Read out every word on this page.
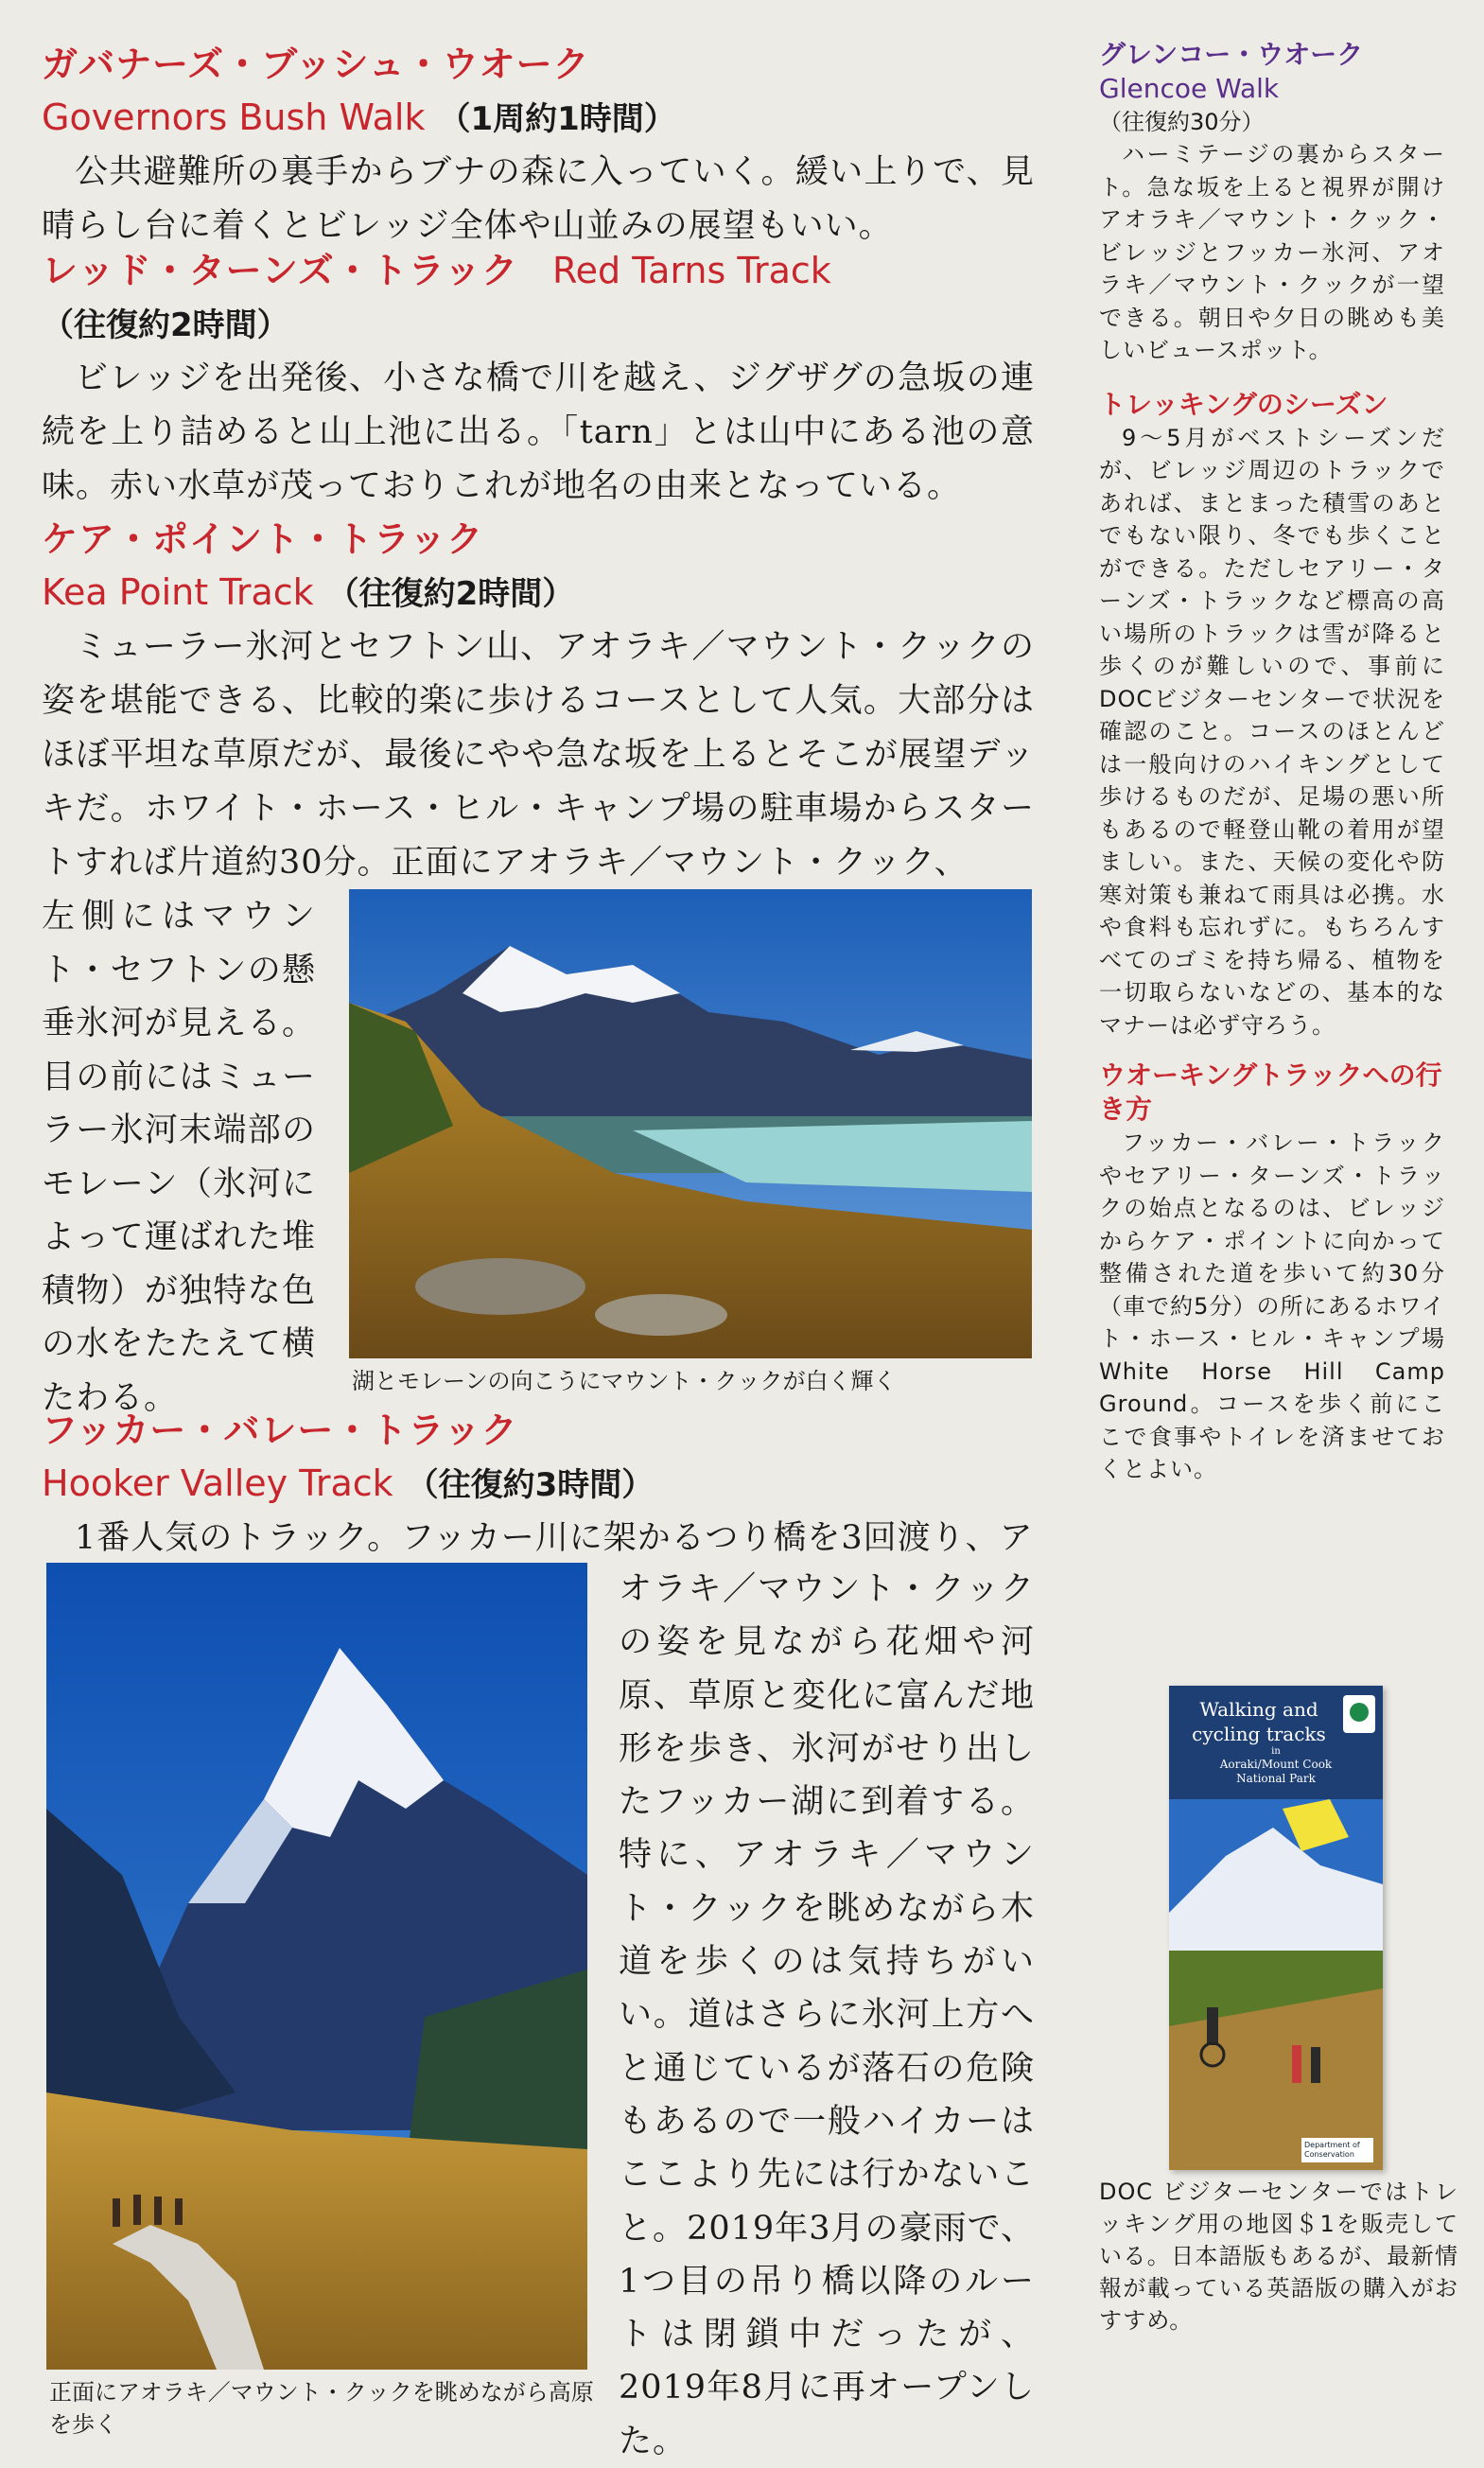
ガバナーズ・ブッシュ・ウオーク

Governors Bush Walk （1周約1時間）

公共避難所の裏手からブナの森に入っていく。緩い上りで、見晴らし台に着くとビレッジ全体や山並みの展望もいい。

レッド・ターンズ・トラック Red Tarns Track

（往復約2時間）

ビレッジを出発後、小さな橋で川を越え、ジグザグの急坂の連続を上り詰めると山上池に出る。「tarn」とは山中にある池の意味。赤い水草が茂っておりこれが地名の由来となっている。

ケア・ポイント・トラック

Kea Point Track （往復約2時間）

ミューラー氷河とセフトン山、アオラキ／マウント・クックの姿を堪能できる、比較的楽に歩けるコースとして人気。大部分はほぼ平坦な草原だが、最後にやや急な坂を上るとそこが展望デッキだ。ホワイト・ホース・ヒル・キャンプ場の駐車場からスタートすれば片道約30分。正面にアオラキ／マウント・クック、

左側にはマウント・セフトンの懸垂氷河が見える。目の前にはミューラー氷河末端部のモレーン（氷河によって運ばれた堆積物）が独特な色の水をたたえて横たわる。	湖とモレーンの向こうにマウント・クックが白く輝く

フッカー・バレー・トラック

Hooker Valley Track （往復約3時間）

1番人気のトラック。フッカー川に架かるつり橋を3回渡り、ア

オラキ／マウント・クックの姿を見ながら花畑や河原、草原と変化に富んだ地形を歩き、氷河がせり出したフッカー湖に到着する。特に、アオラキ／マウント・クックを眺めながら木道を歩くのは気持ちがいい。道はさらに氷河上方へと通じているが落石の危険もあるので一般ハイカーはここより先には行かないこと。2019年3月の豪雨で、1つ目の吊り橋以降のルートは閉鎖中だったが、2019年8月に再オープンした。

正面にアオラキ／マウント・クックを眺めながら高原を歩く

グレンコー・ウオーク

Glencoe Walk

（往復約30分）

ハーミテージの裏からスタート。急な坂を上ると視界が開けアオラキ／マウント・クック・ビレッジとフッカー氷河、アオラキ／マウント・クックが一望できる。朝日や夕日の眺めも美しいビュースポット。

トレッキングのシーズン

9～5月がベストシーズンだが、ビレッジ周辺のトラックであれば、まとまった積雪のあとでもない限り、冬でも歩くことができる。ただしセアリー・ターンズ・トラックなど標高の高い場所のトラックは雪が降ると歩くのが難しいので、事前にDOCビジターセンターで状況を確認のこと。コースのほとんどは一般向けのハイキングとして歩けるものだが、足場の悪い所もあるので軽登山靴の着用が望ましい。また、天候の変化や防寒対策も兼ねて雨具は必携。水や食料も忘れずに。もちろんすべてのゴミを持ち帰る、植物を一切取らないなどの、基本的なマナーは必ず守ろう。

ウオーキングトラックへの行き方

フッカー・バレー・トラックやセアリー・ターンズ・トラックの始点となるのは、ビレッジからケア・ポイントに向かって整備された道を歩いて約30分（車で約5分）の所にあるホワイト・ホース・ヒル・キャンプ場White Horse Hill Camp Ground。コースを歩く前にここで食事やトイレを済ませておくとよい。

Walking and cycling tracks
in
Aoraki/Mount Cook National Park
Department of Conservation
DOC ビジターセンターではトレッキング用の地図＄1を販売している。日本語版もあるが、最新情報が載っている英語版の購入がおすすめ。
